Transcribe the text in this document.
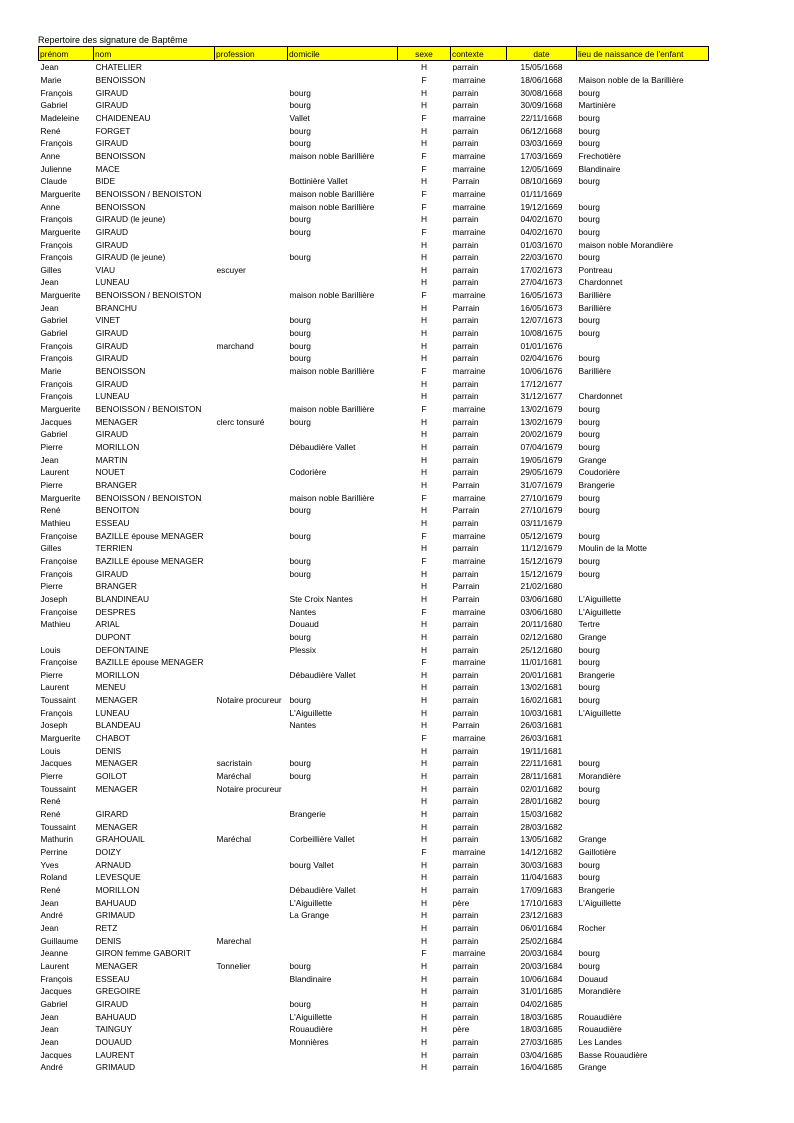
Repertoire des signature de Baptême
prénom	nom	profession	domicile	sexe	contexte	date	lieu de naissance de l'enfant
Jean	CHATELIER			H	parrain	15/05/1668	
Marie	BENOISSON			F	marraine	18/06/1668	Maison noble de la Barillière
François	GIRAUD		bourg	H	parrain	30/08/1668	bourg
Gabriel	GIRAUD		bourg	H	parrain	30/09/1668	Martinière
Madeleine	CHAIDENEAU		Vallet	F	marraine	22/11/1668	bourg
René	FORGET		bourg	H	parrain	06/12/1668	bourg
François	GIRAUD		bourg	H	parrain	03/03/1669	bourg
Anne	BENOISSON		maison noble Barillière	F	marraine	17/03/1669	Frechotière
Julienne	MACE			F	marraine	12/05/1669	Blandinaire
Claude	BIDE		Bottinière Vallet	H	Parrain	08/10/1669	bourg
Marguerite	BENOISSON / BENOISTON		maison noble Barillière	F	marraine	01/11/1669	
Anne	BENOISSON		maison noble Barillière	F	marraine	19/12/1669	bourg
François	GIRAUD (le jeune)		bourg	H	parrain	04/02/1670	bourg
Marguerite	GIRAUD		bourg	F	marraine	04/02/1670	bourg
François	GIRAUD			H	parrain	01/03/1670	maison noble Morandière
François	GIRAUD (le jeune)		bourg	H	parrain	22/03/1670	bourg
Gilles	VIAU	escuyer		H	parrain	17/02/1673	Pontreau
Jean	LUNEAU			H	parrain	27/04/1673	Chardonnet
Marguerite	BENOISSON / BENOISTON		maison noble Barillière	F	marraine	16/05/1673	Barillière
Jean	BRANCHU			H	Parrain	16/05/1673	Barillière
Gabriel	VINET		bourg	H	parrain	12/07/1673	bourg
Gabriel	GIRAUD		bourg	H	parrain	10/08/1675	bourg
François	GIRAUD	marchand	bourg	H	parrain	01/01/1676	
François	GIRAUD		bourg	H	parrain	02/04/1676	bourg
Marie	BENOISSON		maison noble Barillière	F	marraine	10/06/1676	Barillière
François	GIRAUD			H	parrain	17/12/1677	
François	LUNEAU			H	parrain	31/12/1677	Chardonnet
Marguerite	BENOISSON / BENOISTON		maison noble Barillière	F	marraine	13/02/1679	bourg
Jacques	MENAGER	clerc tonsuré	bourg	H	parrain	13/02/1679	bourg
Gabriel	GIRAUD			H	parrain	20/02/1679	bourg
Pierre	MORILLON		Débaudière Vallet	H	parrain	07/04/1679	bourg
Jean	MARTIN			H	parrain	19/05/1679	Grange
Laurent	NOUET		Codorière	H	parrain	29/05/1679	Coudorière
Pierre	BRANGER			H	Parrain	31/07/1679	Brangerie
Marguerite	BENOISSON / BENOISTON		maison noble Barillière	F	marraine	27/10/1679	bourg
René	BENOITON		bourg	H	Parrain	27/10/1679	bourg
Mathieu	ESSEAU			H	parrain	03/11/1679	
Françoise	BAZILLE épouse MENAGER		bourg	F	marraine	05/12/1679	bourg
Gilles	TERRIEN			H	parrain	11/12/1679	Moulin de la Motte
Françoise	BAZILLE épouse MENAGER		bourg	F	marraine	15/12/1679	bourg
François	GIRAUD		bourg	H	parrain	15/12/1679	bourg
Pierre	BRANGER			H	Parrain	21/02/1680	
Joseph	BLANDINEAU		Ste Croix Nantes	H	Parrain	03/06/1680	L'Aiguillette
Françoise	DESPRES		Nantes	F	marraine	03/06/1680	L'Aiguillette
Mathieu	ARIAL		Douaud	H	parrain	20/11/1680	Tertre
	DUPONT		bourg	H	parrain	02/12/1680	Grange
Louis	DEFONTAINE		Plessix	H	parrain	25/12/1680	bourg
Françoise	BAZILLE épouse MENAGER			F	marraine	11/01/1681	bourg
Pierre	MORILLON		Débaudière Vallet	H	parrain	20/01/1681	Brangerie
Laurent	MENEU			H	parrain	13/02/1681	bourg
Toussaint	MENAGER	Notaire procureur	bourg	H	parrain	16/02/1681	bourg
François	LUNEAU		L'Aiguillette	H	parrain	10/03/1681	L'Aiguillette
Joseph	BLANDEAU		Nantes	H	Parrain	26/03/1681	
Marguerite	CHABOT			F	marraine	26/03/1681	
Louis	DENIS			H	parrain	19/11/1681	
Jacques	MENAGER	sacristain	bourg	H	parrain	22/11/1681	bourg
Pierre	GOILOT	Maréchal	bourg	H	parrain	28/11/1681	Morandière
Toussaint	MENAGER	Notaire procureur		H	parrain	02/01/1682	bourg
René				H	parrain	28/01/1682	bourg
René	GIRARD		Brangerie	H	parrain	15/03/1682	
Toussaint	MENAGER			H	parrain	28/03/1682	
Mathurin	GRAHOUAIL	Maréchal	Corbeillière Vallet	H	parrain	13/05/1682	Grange
Perrine	DOIZY			F	marraine	14/12/1682	Gaillotière
Yves	ARNAUD		bourg Vallet	H	parrain	30/03/1683	bourg
Roland	LEVESQUE			H	parrain	11/04/1683	bourg
René	MORILLON		Débaudière Vallet	H	parrain	17/09/1683	Brangerie
Jean	BAHUAUD		L'Aiguillette	H	père	17/10/1683	L'Aiguillette
André	GRIMAUD		La Grange	H	parrain	23/12/1683	
Jean	RETZ			H	parrain	06/01/1684	Rocher
Guillaume	DENIS	Marechal		H	parrain	25/02/1684	
Jeanne	GIRON femme GABORIT			F	marraine	20/03/1684	bourg
Laurent	MENAGER	Tonnelier	bourg	H	parrain	20/03/1684	bourg
François	ESSEAU		Blandinaire	H	parrain	10/06/1684	Douaud
Jacques	GREGOIRE			H	parrain	31/01/1685	Morandière
Gabriel	GIRAUD		bourg	H	parrain	04/02/1685	
Jean	BAHUAUD		L'Aiguillette	H	parrain	18/03/1685	Rouaudière
Jean	TAINGUY		Rouaudière	H	père	18/03/1685	Rouaudière
Jean	DOUAUD		Monnières	H	parrain	27/03/1685	Les Landes
Jacques	LAURENT			H	parrain	03/04/1685	Basse Rouaudière
André	GRIMAUD			H	parrain	16/04/1685	Grange
